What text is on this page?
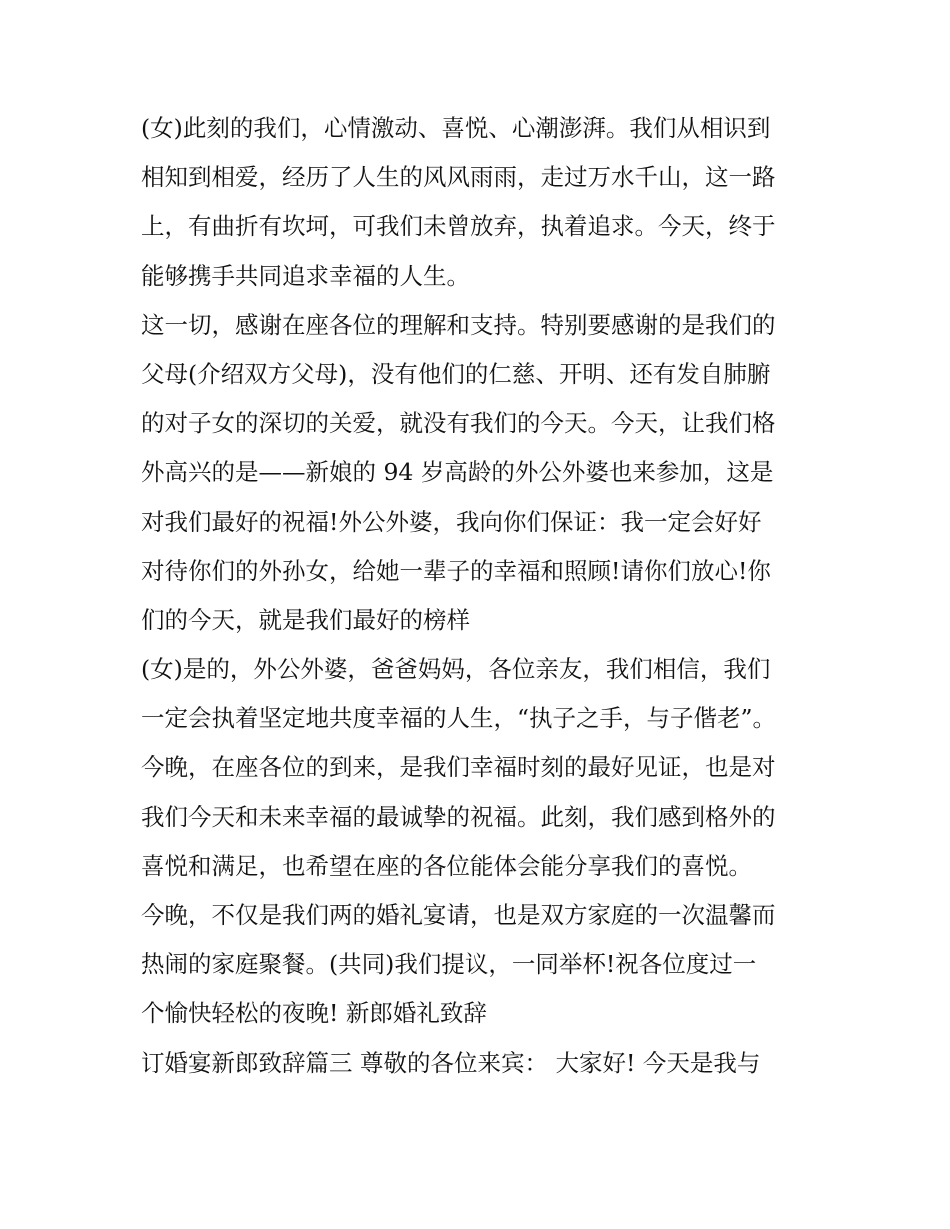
(女)此刻的我们，心情激动、喜悦、心潮澎湃。我们从相识到
相知到相爱，经历了人生的风风雨雨，走过万水千山，这一路
上，有曲折有坎坷，可我们未曾放弃，执着追求。今天，终于
能够携手共同追求幸福的人生。
这一切，感谢在座各位的理解和支持。特别要感谢的是我们的
父母(介绍双方父母)，没有他们的仁慈、开明、还有发自肺腑
的对子女的深切的关爱，就没有我们的今天。今天，让我们格
外高兴的是——新娘的 94 岁高龄的外公外婆也来参加，这是
对我们最好的祝福!外公外婆，我向你们保证：我一定会好好
对待你们的外孙女，给她一辈子的幸福和照顾!请你们放心!你
们的今天，就是我们最好的榜样
(女)是的，外公外婆，爸爸妈妈，各位亲友，我们相信，我们
一定会执着坚定地共度幸福的人生，“执子之手，与子偕老”。
今晚，在座各位的到来，是我们幸福时刻的最好见证，也是对
我们今天和未来幸福的最诚挚的祝福。此刻，我们感到格外的
喜悦和满足，也希望在座的各位能体会能分享我们的喜悦。
今晚，不仅是我们两的婚礼宴请，也是双方家庭的一次温馨而
热闹的家庭聚餐。(共同)我们提议，一同举杯!祝各位度过一
个愉快轻松的夜晚! 新郎婚礼致辞
订婚宴新郎致辞篇三 尊敬的各位来宾： 大家好! 今天是我与
